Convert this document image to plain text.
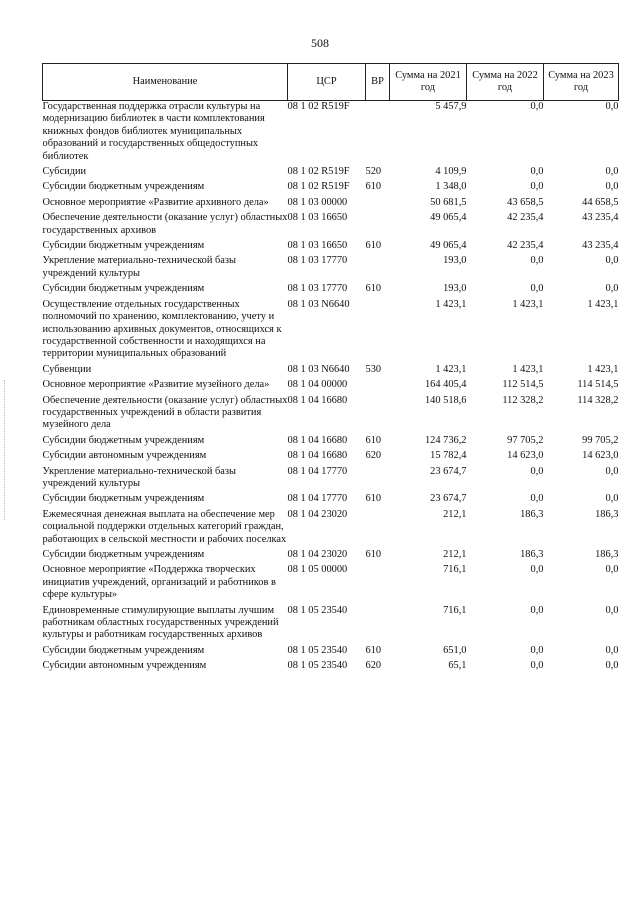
508
Наименование	ЦСР	ВР	Сумма на 2021 год	Сумма на 2022 год	Сумма на 2023 год
Государственная поддержка отрасли культуры на модернизацию библиотек в части комплектования книжных фондов библиотек муниципальных образований и государственных общедоступных библиотек	08 1 02 R519F		5 457,9	0,0	0,0
Субсидии	08 1 02 R519F	520	4 109,9	0,0	0,0
Субсидии бюджетным учреждениям	08 1 02 R519F	610	1 348,0	0,0	0,0
Основное мероприятие «Развитие архивного дела»	08 1 03 00000		50 681,5	43 658,5	44 658,5
Обеспечение деятельности (оказание услуг) областных государственных архивов	08 1 03 16650		49 065,4	42 235,4	43 235,4
Субсидии бюджетным учреждениям	08 1 03 16650	610	49 065,4	42 235,4	43 235,4
Укрепление материально-технической базы учреждений культуры	08 1 03 17770		193,0	0,0	0,0
Субсидии бюджетным учреждениям	08 1 03 17770	610	193,0	0,0	0,0
Осуществление отдельных государственных полномочий по хранению, комплектованию, учету и использованию архивных документов, относящихся к государственной собственности и находящихся на территории муниципальных образований	08 1 03 N6640		1 423,1	1 423,1	1 423,1
Субвенции	08 1 03 N6640	530	1 423,1	1 423,1	1 423,1
Основное мероприятие «Развитие музейного дела»	08 1 04 00000		164 405,4	112 514,5	114 514,5
Обеспечение деятельности (оказание услуг) областных государственных учреждений в области развития музейного дела	08 1 04 16680		140 518,6	112 328,2	114 328,2
Субсидии бюджетным учреждениям	08 1 04 16680	610	124 736,2	97 705,2	99 705,2
Субсидии автономным учреждениям	08 1 04 16680	620	15 782,4	14 623,0	14 623,0
Укрепление материально-технической базы учреждений культуры	08 1 04 17770		23 674,7	0,0	0,0
Субсидии бюджетным учреждениям	08 1 04 17770	610	23 674,7	0,0	0,0
Ежемесячная денежная выплата на обеспечение мер социальной поддержки отдельных категорий граждан, работающих в сельской местности и рабочих поселках	08 1 04 23020		212,1	186,3	186,3
Субсидии бюджетным учреждениям	08 1 04 23020	610	212,1	186,3	186,3
Основное мероприятие «Поддержка творческих инициатив учреждений, организаций и работников в сфере культуры»	08 1 05 00000		716,1	0,0	0,0
Единовременные стимулирующие выплаты лучшим работникам областных государственных учреждений культуры и работникам государственных архивов	08 1 05 23540		716,1	0,0	0,0
Субсидии бюджетным учреждениям	08 1 05 23540	610	651,0	0,0	0,0
Субсидии автономным учреждениям	08 1 05 23540	620	65,1	0,0	0,0
